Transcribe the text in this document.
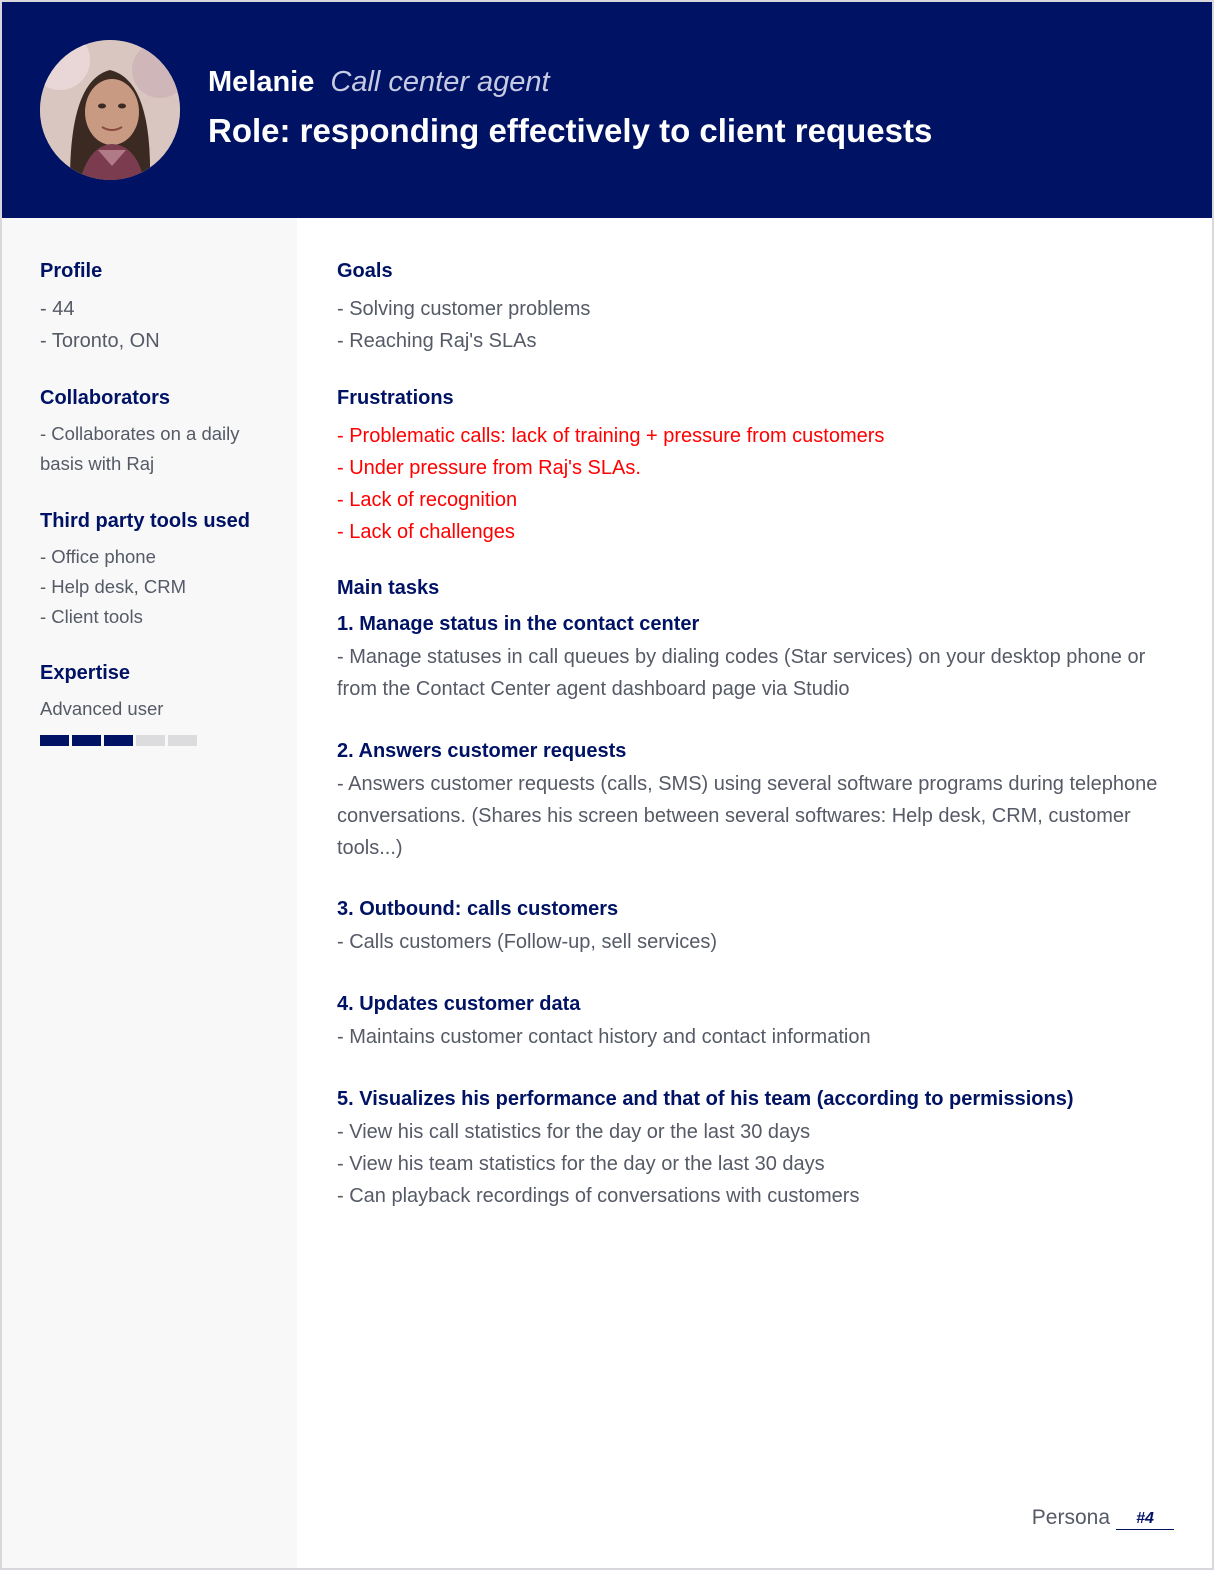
Melanie Call center agent
Role: responding effectively to client requests
Profile
- 44
- Toronto, ON
Collaborators
- Collaborates on a daily
basis with Raj
Third party tools used
- Office phone
- Help desk, CRM
- Client tools
Expertise
Advanced user
Goals
- Solving customer problems
- Reaching Raj's SLAs
Frustrations
- Problematic calls: lack of training + pressure from customers
- Under pressure from Raj's SLAs.
- Lack of recognition
- Lack of challenges
Main tasks
1. Manage status in the contact center
- Manage statuses in call queues by dialing codes (Star services) on your desktop phone or from the Contact Center agent dashboard page via Studio
2. Answers customer requests
- Answers customer requests (calls, SMS) using several software programs during telephone conversations. (Shares his screen between several softwares: Help desk, CRM, customer tools...)
3. Outbound: calls customers
- Calls customers (Follow-up, sell services)
4. Updates customer data
- Maintains customer contact history and contact information
5. Visualizes his performance and that of his team (according to permissions)
- View his call statistics for the day or the last 30 days
- View his team statistics for the day or the last 30 days
- Can playback recordings of conversations with customers
Persona	#4
